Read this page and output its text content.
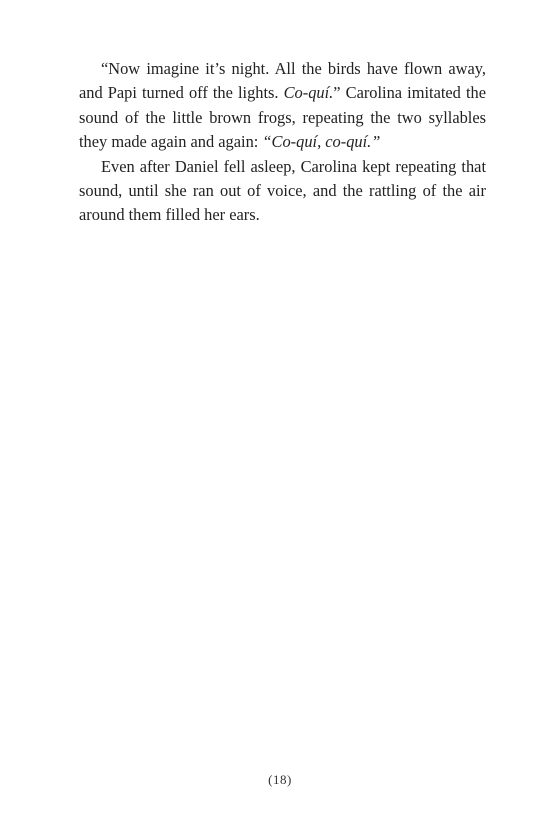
“Now imagine it’s night. All the birds have flown away, and Papi turned off the lights. Co-quí.” Carolina imitated the sound of the little brown frogs, repeating the two syllables they made again and again: “Co-quí, co-quí.”

Even after Daniel fell asleep, Carolina kept repeating that sound, until she ran out of voice, and the rattling of the air around them filled her ears.

(18)
